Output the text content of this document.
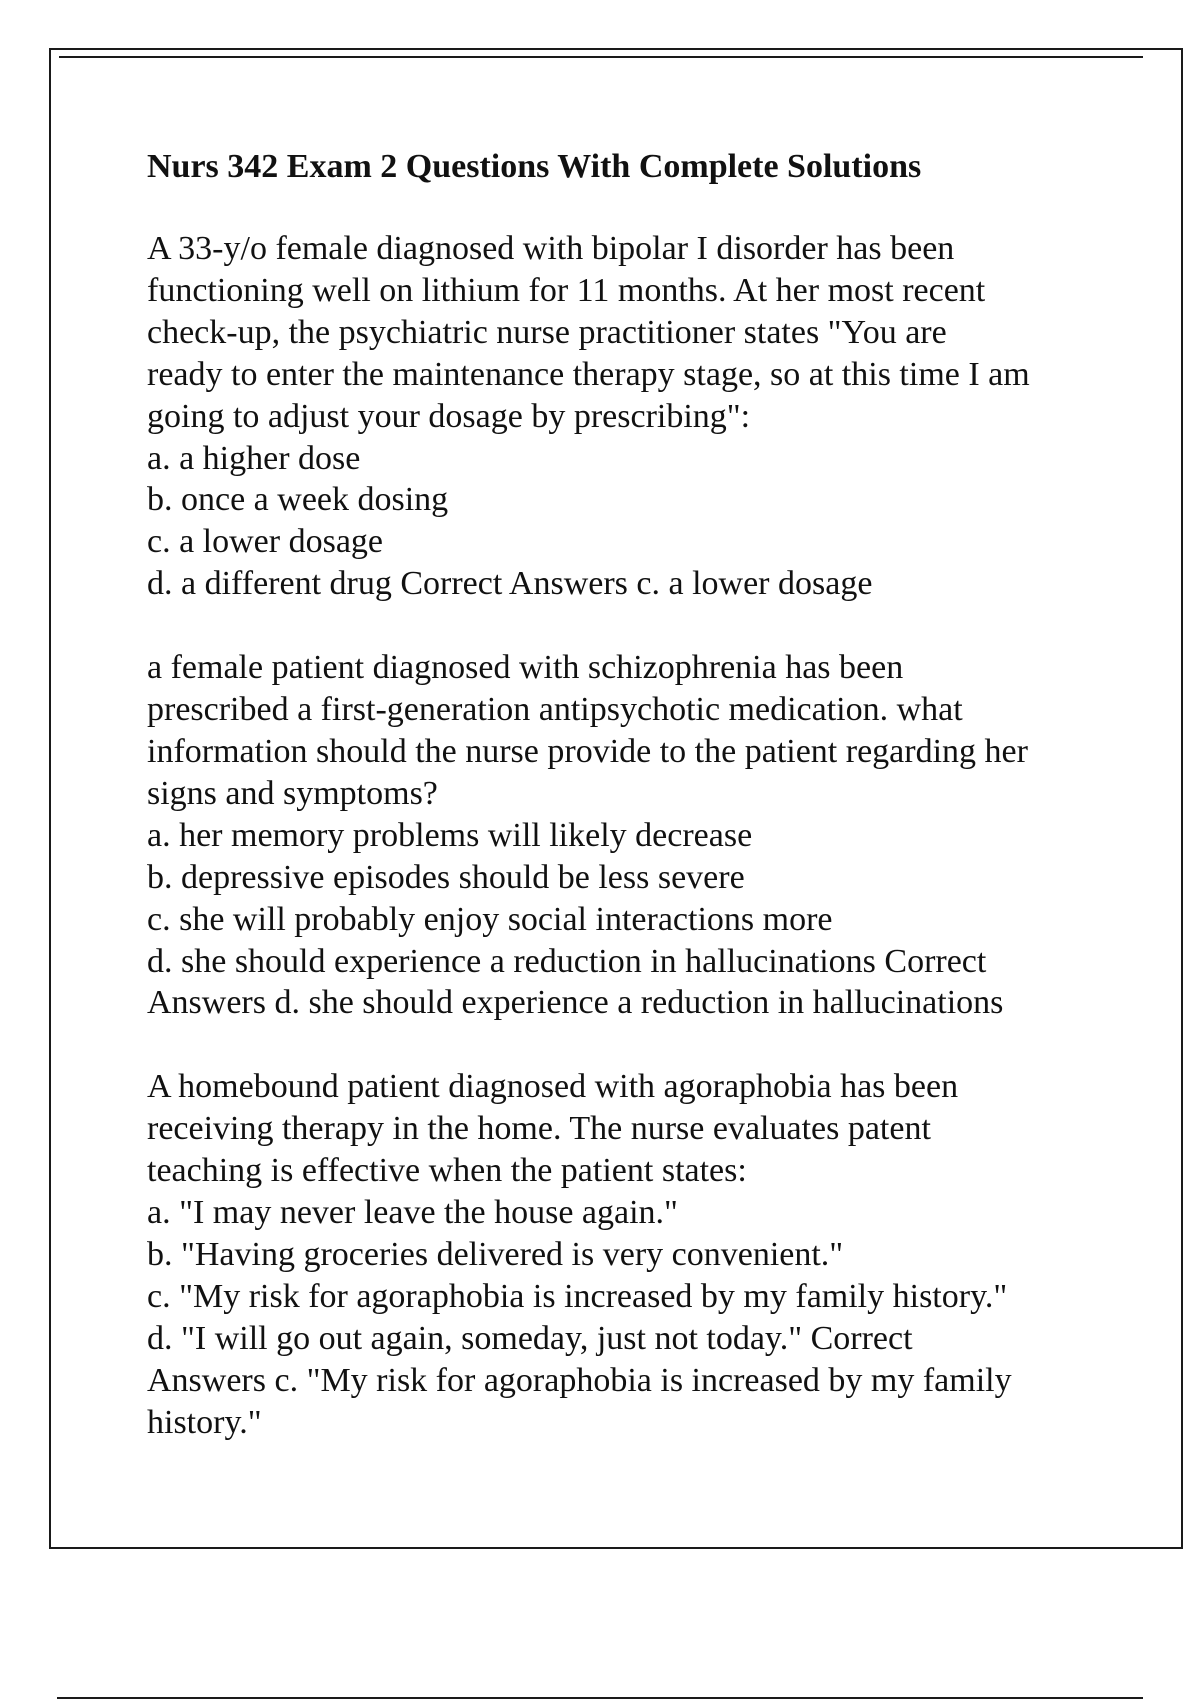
Nurs 342 Exam 2 Questions With Complete Solutions

A 33-y/o female diagnosed with bipolar I disorder has been

functioning well on lithium for 11 months. At her most recent

check-up, the psychiatric nurse practitioner states "You are

ready to enter the maintenance therapy stage, so at this time I am

going to adjust your dosage by prescribing":

a. a higher dose

b. once a week dosing

c. a lower dosage

d. a different drug Correct Answers c. a lower dosage

a female patient diagnosed with schizophrenia has been

prescribed a first-generation antipsychotic medication. what

information should the nurse provide to the patient regarding her

signs and symptoms?

a. her memory problems will likely decrease

b. depressive episodes should be less severe

c. she will probably enjoy social interactions more

d. she should experience a reduction in hallucinations Correct

Answers d. she should experience a reduction in hallucinations

A homebound patient diagnosed with agoraphobia has been

receiving therapy in the home. The nurse evaluates patent

teaching is effective when the patient states:

a. "I may never leave the house again."

b. "Having groceries delivered is very convenient."

c. "My risk for agoraphobia is increased by my family history."

d. "I will go out again, someday, just not today." Correct

Answers c. "My risk for agoraphobia is increased by my family

history."
